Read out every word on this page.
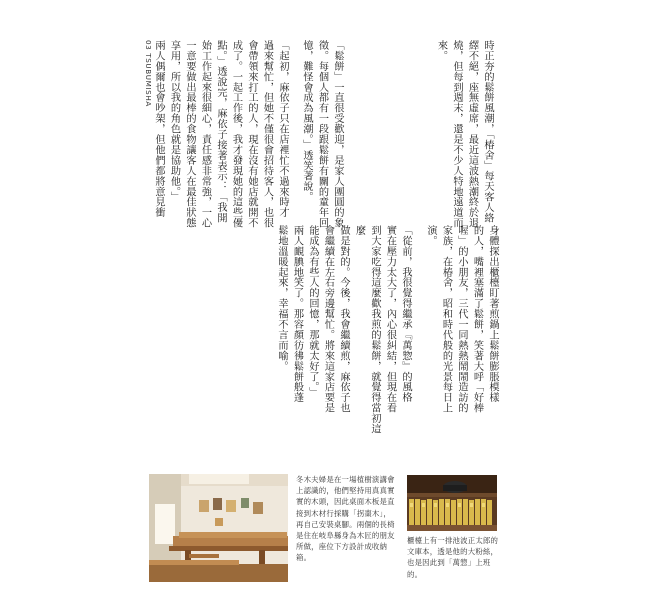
03 TSUBUMISHA	時正夯的鬆餅風潮，「椿舍」每天客人絡
繹不絕，座無虛席，最近這波熱潮終於退
燒，但每到週末，還是不少人特地遠道而
來。
「鬆餅」一直很受歡迎，是家人團圓的象
徵。每個人都有一段跟鬆餅有關的童年回
憶，難怪會成為風潮。」透笑著說。
「起初，麻依子只在店裡忙不過來時才
過來幫忙，但她不僅很會招待客人，也很
會帶領來打工的人，現在沒有她店就開不
成了。一起工作後，我才發現她的這些優
點。」透說完，麻依子接著表示：「我開
始工作起來很細心，責任感非常強，一心
一意要做出最棒的食物讓客人在最佳狀態
享用，所以我的角色就是協助他。」
兩人偶爾也會吵架，但他們都將意見衝
身體探出櫃檯盯著煎鍋上鬆餅膨脹模樣
的人，嘴裡塞滿了鬆餅，笑著大呼「好棒
喔」的小朋友，三代一同熱熱鬧鬧造訪的
家族，在椿舍，昭和時代般的光景每日上
演。
「從前，我很覺得繼承『萬惣』的風格
實在壓力太大了，內心很糾結，但現在看
到大家吃得這麼歡我煎的鬆餅，就覺得當初這麼
做是對的。今後，我會繼續煎，麻依子也
會繼續在左右旁邊幫忙。將來這家店要是
能成為有些人的回憶，那就太好了。」
兩人靦腆地笑了。那容顏彷彿鬆餅般蓬
鬆地溫暖起來，幸福不言而喻。
冬木夫婦是在一場植樹演講會上認識的，他們堅持用真真實實的木頭，因此桌面木板是直接到木材行採購「拐棗木」，再自己安裝桌腳。兩個的長椅是住在岐阜縣身為木匠的朋友所做，座位下方設計成收納箱。
櫃檯上有一排池波正太郎的文庫本，透是他的大粉絲，也是因此到「萬惣」上班的。
